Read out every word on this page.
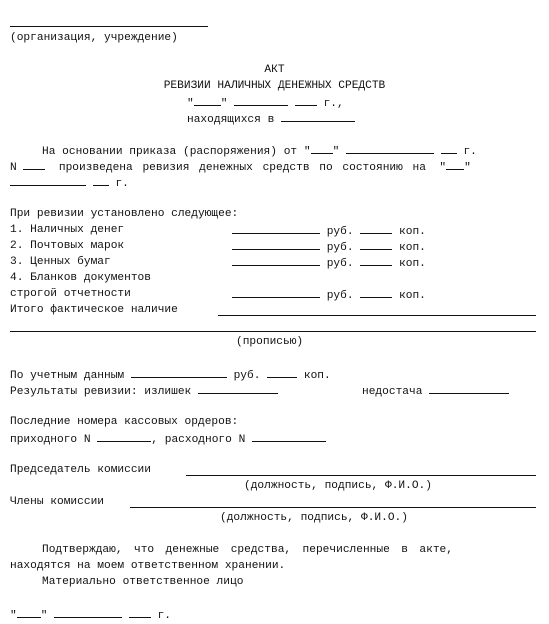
(организация, учреждение)
АКТ
РЕВИЗИИ НАЛИЧНЫХ ДЕНЕЖНЫХ СРЕДСТВ
" "	г.,
находящихся в
На основании приказа (распоряжения) от " "	г.
N	произведена ревизия денежных средств по состоянию на  " "
г.
При ревизии установлено следующее:
1. Наличных денег	руб.	коп.
2. Почтовых марок	руб.	коп.
3. Ценных бумаг	руб.	коп.
4. Бланков документов
строгой отчетности	руб.	коп.
Итого фактическое наличие
(прописью)
По учетным данным	руб.	коп.
Результаты ревизии: излишек	недостача
Последние номера кассовых ордеров:
приходного N	, расходного N
Председатель комиссии
(должность, подпись, Ф.И.О.)
Члены комиссии
(должность, подпись, Ф.И.О.)
Подтверждаю,  что  денежные  средства,  перечисленные  в  акте,
находятся на моем ответственном хранении.
Материально ответственное лицо
" "	г.
